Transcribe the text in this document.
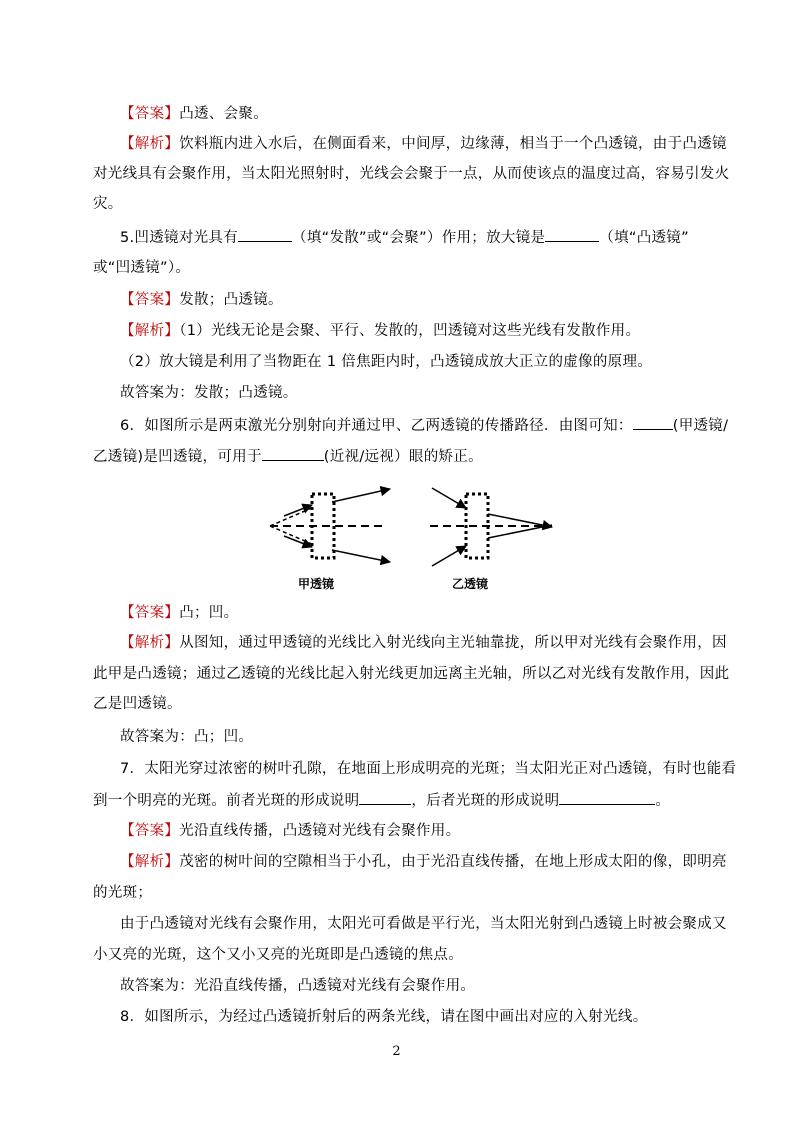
【答案】凸透、会聚。
【解析】饮料瓶内进入水后，在侧面看来，中间厚，边缘薄，相当于一个凸透镜，由于凸透镜
对光线具有会聚作用，当太阳光照射时，光线会会聚于一点，从而使该点的温度过高，容易引发火
灾。
5.凹透镜对光具有	（填“发散”或“会聚”）作用；放大镜是	（填“凸透镜”
或“凹透镜”）。
【答案】发散；凸透镜。
【解析】（1）光线无论是会聚、平行、发散的，凹透镜对这些光线有发散作用。
（2）放大镜是利用了当物距在 1 倍焦距内时，凸透镜成放大正立的虚像的原理。
故答案为：发散；凸透镜。
6．如图所示是两束激光分别射向并通过甲、乙两透镜的传播路径．由图可知：	(甲透镜/
乙透镜)是凹透镜，可用于	(近视/远视）眼的矫正。
甲透镜	乙透镜
【答案】凸；凹。
【解析】从图知，通过甲透镜的光线比入射光线向主光轴靠拢，所以甲对光线有会聚作用，因
此甲是凸透镜；通过乙透镜的光线比起入射光线更加远离主光轴，所以乙对光线有发散作用，因此
乙是凹透镜。
故答案为：凸；凹。
7．太阳光穿过浓密的树叶孔隙，在地面上形成明亮的光斑；当太阳光正对凸透镜，有时也能看
到一个明亮的光斑。前者光斑的形成说明	，后者光斑的形成说明	。
【答案】光沿直线传播，凸透镜对光线有会聚作用。
【解析】茂密的树叶间的空隙相当于小孔，由于光沿直线传播，在地上形成太阳的像，即明亮
的光斑；
由于凸透镜对光线有会聚作用，太阳光可看做是平行光，当太阳光射到凸透镜上时被会聚成又
小又亮的光斑，这个又小又亮的光斑即是凸透镜的焦点。
故答案为：光沿直线传播，凸透镜对光线有会聚作用。
8．如图所示，为经过凸透镜折射后的两条光线，请在图中画出对应的入射光线。
2
